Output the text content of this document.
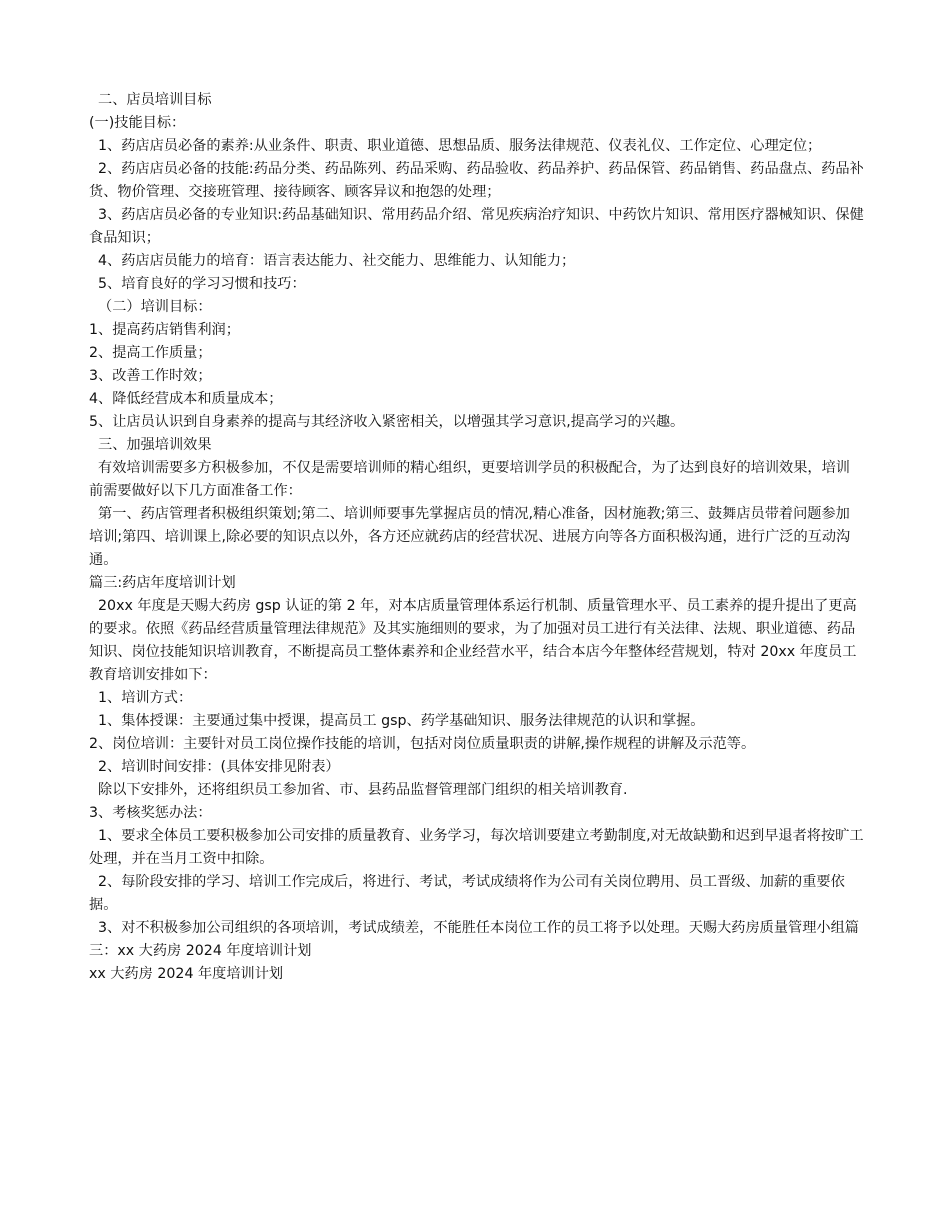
二、店员培训目标
(一)技能目标：
1、药店店员必备的素养:从业条件、职责、职业道德、思想品质、服务法律规范、仪表礼仪、工作定位、心理定位；
2、药店店员必备的技能:药品分类、药品陈列、药品采购、药品验收、药品养护、药品保管、药品销售、药品盘点、药品补货、物价管理、交接班管理、接待顾客、顾客异议和抱怨的处理；
3、药店店员必备的专业知识:药品基础知识、常用药品介绍、常见疾病治疗知识、中药饮片知识、常用医疗器械知识、保健食品知识；
4、药店店员能力的培育：语言表达能力、社交能力、思维能力、认知能力；
5、培育良好的学习习惯和技巧：
（二）培训目标：
1、提高药店销售利润；
2、提高工作质量；
3、改善工作时效；
4、降低经营成本和质量成本；
5、让店员认识到自身素养的提高与其经济收入紧密相关，以增强其学习意识,提高学习的兴趣。
三、加强培训效果
有效培训需要多方积极参加，不仅是需要培训师的精心组织，更要培训学员的积极配合，为了达到良好的培训效果，培训前需要做好以下几方面准备工作：
第一、药店管理者积极组织策划;第二、培训师要事先掌握店员的情况,精心准备，因材施教;第三、鼓舞店员带着问题参加培训;第四、培训课上,除必要的知识点以外，各方还应就药店的经营状况、进展方向等各方面积极沟通，进行广泛的互动沟通。
篇三:药店年度培训计划
20xx 年度是天赐大药房 gsp 认证的第 2 年，对本店质量管理体系运行机制、质量管理水平、员工素养的提升提出了更高的要求。依照《药品经营质量管理法律规范》及其实施细则的要求，为了加强对员工进行有关法律、法规、职业道德、药品知识、岗位技能知识培训教育，不断提高员工整体素养和企业经营水平，结合本店今年整体经营规划，特对 20xx 年度员工教育培训安排如下：
1、培训方式：
1、集体授课：主要通过集中授课，提高员工 gsp、药学基础知识、服务法律规范的认识和掌握。
2、岗位培训：主要针对员工岗位操作技能的培训，包括对岗位质量职责的讲解,操作规程的讲解及示范等。
2、培训时间安排：(具体安排见附表）
除以下安排外，还将组织员工参加省、市、县药品监督管理部门组织的相关培训教育.
3、考核奖惩办法：
1、要求全体员工要积极参加公司安排的质量教育、业务学习，每次培训要建立考勤制度,对无故缺勤和迟到早退者将按旷工处理，并在当月工资中扣除。
2、每阶段安排的学习、培训工作完成后，将进行、考试，考试成绩将作为公司有关岗位聘用、员工晋级、加薪的重要依据。
3、对不积极参加公司组织的各项培训，考试成绩差，不能胜任本岗位工作的员工将予以处理。天赐大药房质量管理小组篇三：xx 大药房 2024 年度培训计划
xx 大药房 2024 年度培训计划
